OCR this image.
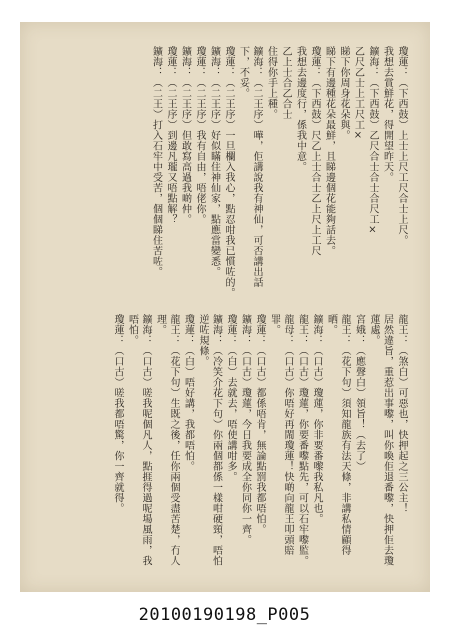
瓊蓮：（下西鼓）上士上尺工尺合士上尺。
我想去賞鮮花，得開望昨天。
鑛海：（下西鼓）乙尺合士合士合尺工×
乙尺乙士上工尺工×
睇下你周身花朵與。
睇下有邊種花朵最鮮，且睇邊個花能夠話去。
瓊蓮：（下西鼓）尺乙上士合士乙上尺上工尺
我想去邊度行，係我中意。
乙上士合乙合士
住得你手上種。
鑛海：（二王序）嘩，佢講說我有神仙，可否講出話下，不妥。
瓊蓮：（二王序）一旦欄入我心，點忍咁我已慣咗的。
鑛海：（二王序）好似瞞住神仙家，點應當變悉。
瓊蓮：（二王序）我有自由，唔佬你。
鑛海：（二王序）但敢寫高過我啲仲。
瓊蓮：（二王序）到邊凡瓏又唔點解？
鑛海：（二王）打入石牢中受苦，個個睇住苦咗。
龍王：（煞白）可惡也，快押起之三公主！
居然違旨，重惹出事嚟，叫你喚佢退番嚟，快押佢去瓊蓮處。
宮娥：（應聲白）領旨！（去了）
龍王：（花下句）須知龍族有法天條，非講私情顧得晒。
鑛海：（口古）瓊蓮，你非要番嚟我私凡也。
龍王：（口古）瓊蓮，你要番嚟點先，可以石牢嚟監。
龍母：（口古）你唔好再閙瓊蓮！快啲向龍王叩頭賠罪。
瓊蓮：（口古）都係唔肯，無論點罰我都唔怕。
鑛海：（口古）瓊蓮，今日我要成全你同你一齊。
瓊蓮：（白）去就去，唔使講咁多。
鑛海：（冷笑介花下句）你兩個都係一樣咁硬頸，唔怕逆咗規條。
瓊蓮：（白）唔好講，我都唔怕。
龍王：（花下句）生既之後，任你兩個受盡苦楚，冇人理。
鑛海：（口古）嗟我呢個凡人，點捱得過呢場風雨，我唔怕。
瓊蓮：（口古）嗟我都唔驚，你一齊就得。
20100190198_P005
